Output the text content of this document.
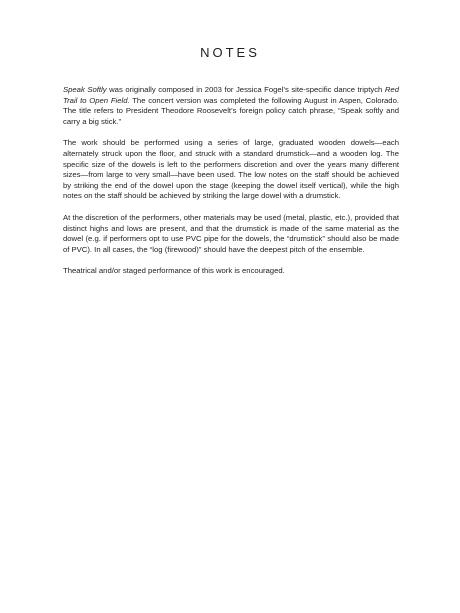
NOTES

Speak Softly was originally composed in 2003 for Jessica Fogel’s site-specific dance triptych Red Trail to Open Field. The concert version was completed the following August in Aspen, Colorado. The title refers to President Theodore Roosevelt’s foreign policy catch phrase, “Speak softly and carry a big stick.”

The work should be performed using a series of large, graduated wooden dowels—each alternately struck upon the floor, and struck with a standard drumstick—and a wooden log. The specific size of the dowels is left to the performers discretion and over the years many different sizes—from large to very small—have been used. The low notes on the staff should be achieved by striking the end of the dowel upon the stage (keeping the dowel itself vertical), while the high notes on the staff should be achieved by striking the large dowel with a drumstick.

At the discretion of the performers, other materials may be used (metal, plastic, etc.), provided that distinct highs and lows are present, and that the drumstick is made of the same material as the dowel (e.g. if performers opt to use PVC pipe for the dowels, the “drumstick” should also be made of PVC). In all cases, the “log (firewood)” should have the deepest pitch of the ensemble.

Theatrical and/or staged performance of this work is encouraged.
